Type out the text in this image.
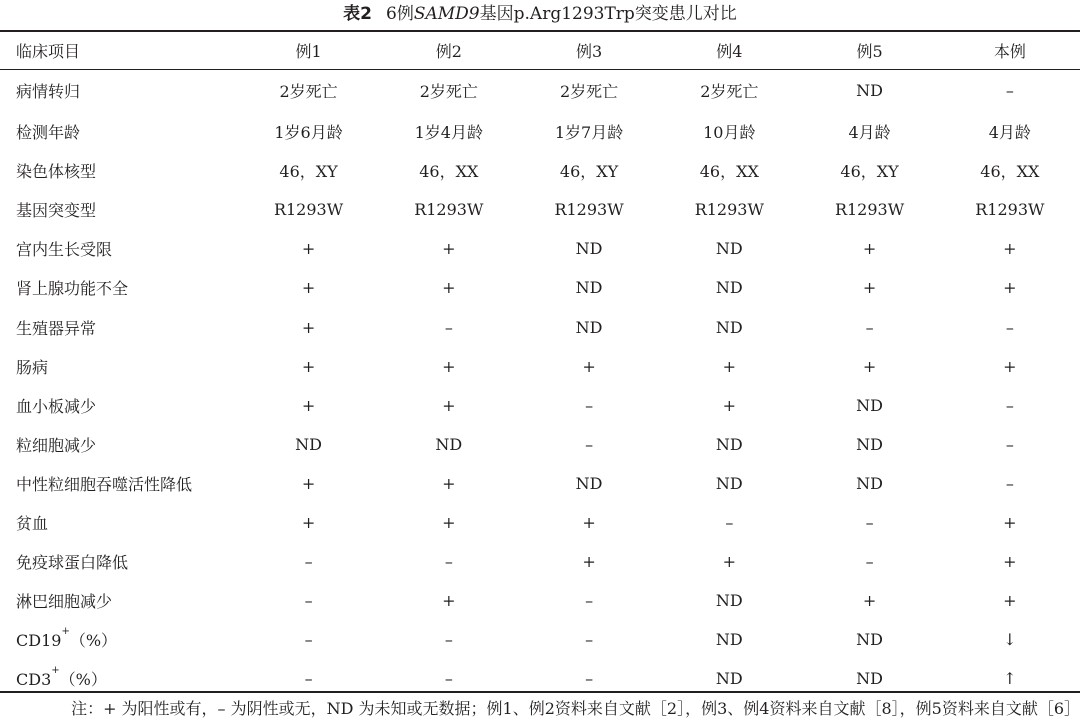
表2 6例SAMD9基因p.Arg1293Trp突变患儿对比
临床项目	例1	例2	例3	例4	例5	本例
病情转归	2岁死亡	2岁死亡	2岁死亡	2岁死亡	ND	–
检测年龄	1岁6月龄	1岁4月龄	1岁7月龄	10月龄	4月龄	4月龄
染色体核型	46，XY	46，XX	46，XY	46，XX	46，XY	46，XX
基因突变型	R1293W	R1293W	R1293W	R1293W	R1293W	R1293W
宫内生长受限	+	+	ND	ND	+	+
肾上腺功能不全	+	+	ND	ND	+	+
生殖器异常	+	–	ND	ND	–	–
肠病	+	+	+	+	+	+
血小板减少	+	+	–	+	ND	–
粒细胞减少	ND	ND	–	ND	ND	–
中性粒细胞吞噬活性降低	+	+	ND	ND	ND	–
贫血	+	+	+	–	–	+
免疫球蛋白降低	–	–	+	+	–	+
淋巴细胞减少	–	+	–	ND	+	+
CD19+（%）	–	–	–	ND	ND	↓
CD3+（%）	–	–	–	ND	ND	↑
注：+ 为阳性或有，– 为阴性或无，ND 为未知或无数据；例1、例2资料来自文献［2］，例3、例4资料来自文献［8］，例5资料来自文献［6］
